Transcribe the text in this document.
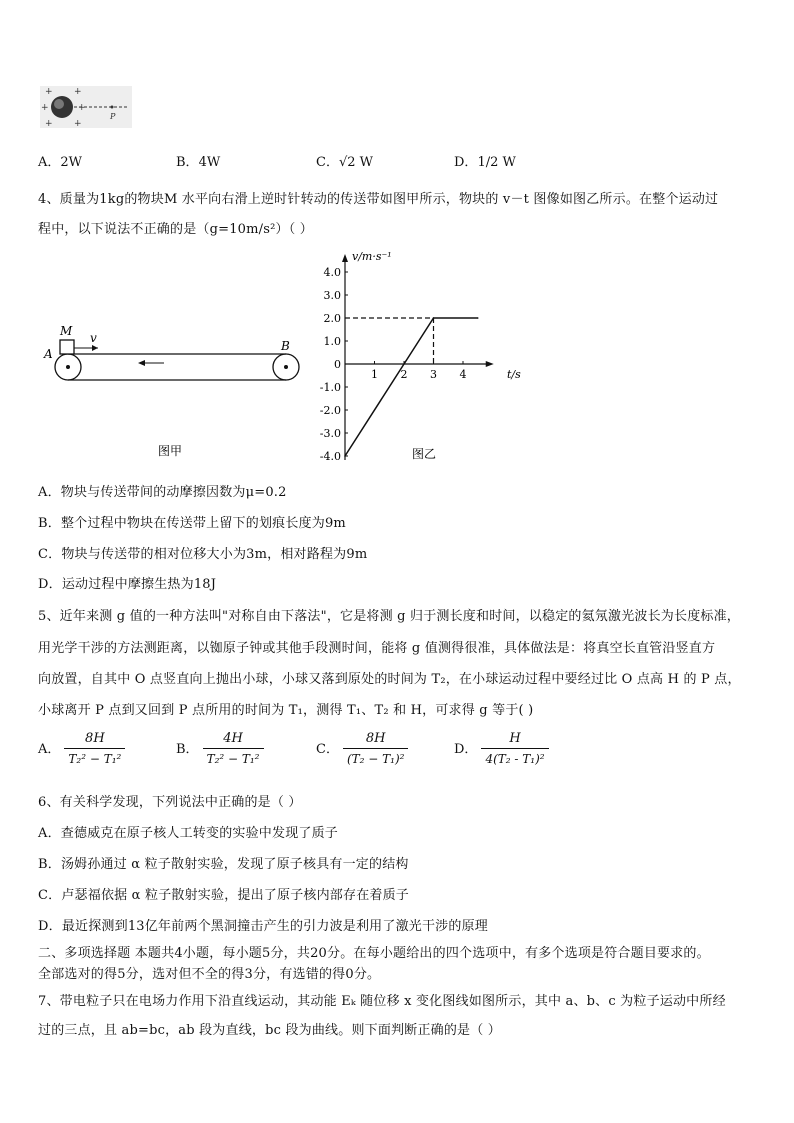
+ +
+ +
+	+
P
A．2W	B．4W	C．√2 W	D．1/2 W
4、质量为1kg的物块M 水平向右滑上逆时针转动的传送带如图甲所示，物块的 v－t 图像如图乙所示。在整个运动过
程中，以下说法不正确的是（g=10m/s²）（ ）
M v
A
B
图甲
4.0
3.0
2.0
1.0
0
-1.0
-2.0
-3.0
-4.0
1 2 3 4
v/m·s⁻¹
t/s
图乙
A．物块与传送带间的动摩擦因数为μ=0.2
B．整个过程中物块在传送带上留下的划痕长度为9m
C．物块与传送带的相对位移大小为3m，相对路程为9m
D．运动过程中摩擦生热为18J
5、近年来测 g 值的一种方法叫"对称自由下落法"，它是将测 g 归于测长度和时间，以稳定的氦氖激光波长为长度标准，
用光学干涉的方法测距离，以铷原子钟或其他手段测时间，能将 g 值测得很准，具体做法是：将真空长直管沿竖直方
向放置，自其中 O 点竖直向上抛出小球，小球又落到原处的时间为 T₂，在小球运动过程中要经过比 O 点高 H 的 P 点，
小球离开 P 点到又回到 P 点所用的时间为 T₁，测得 T₁、T₂ 和 H，可求得 g 等于( )
A． $\frac{8H}{\text{T₂² − T₁²}}$	B． $\frac{4H}{\text{T₂² − T₁²}}$	C． $\frac{8H}{\text{(T₂ − T₁)²}}$	D． $\frac{H}{\text{4(T₂ - T₁)²}}$
6、有关科学发现，下列说法中正确的是（ ）
A．查德威克在原子核人工转变的实验中发现了质子
B．汤姆孙通过 α 粒子散射实验，发现了原子核具有一定的结构
C．卢瑟福依据 α 粒子散射实验，提出了原子核内部存在着质子
D．最近探测到13亿年前两个黑洞撞击产生的引力波是利用了激光干涉的原理
二、多项选择题 本题共4小题，每小题5分，共20分。在每小题给出的四个选项中，有多个选项是符合题目要求的。
全部选对的得5分，选对但不全的得3分，有选错的得0分。
7、带电粒子只在电场力作用下沿直线运动，其动能 Eₖ 随位移 x 变化图线如图所示，其中 a、b、c 为粒子运动中所经
过的三点，且 ab=bc，ab 段为直线，bc 段为曲线。则下面判断正确的是（ ）
